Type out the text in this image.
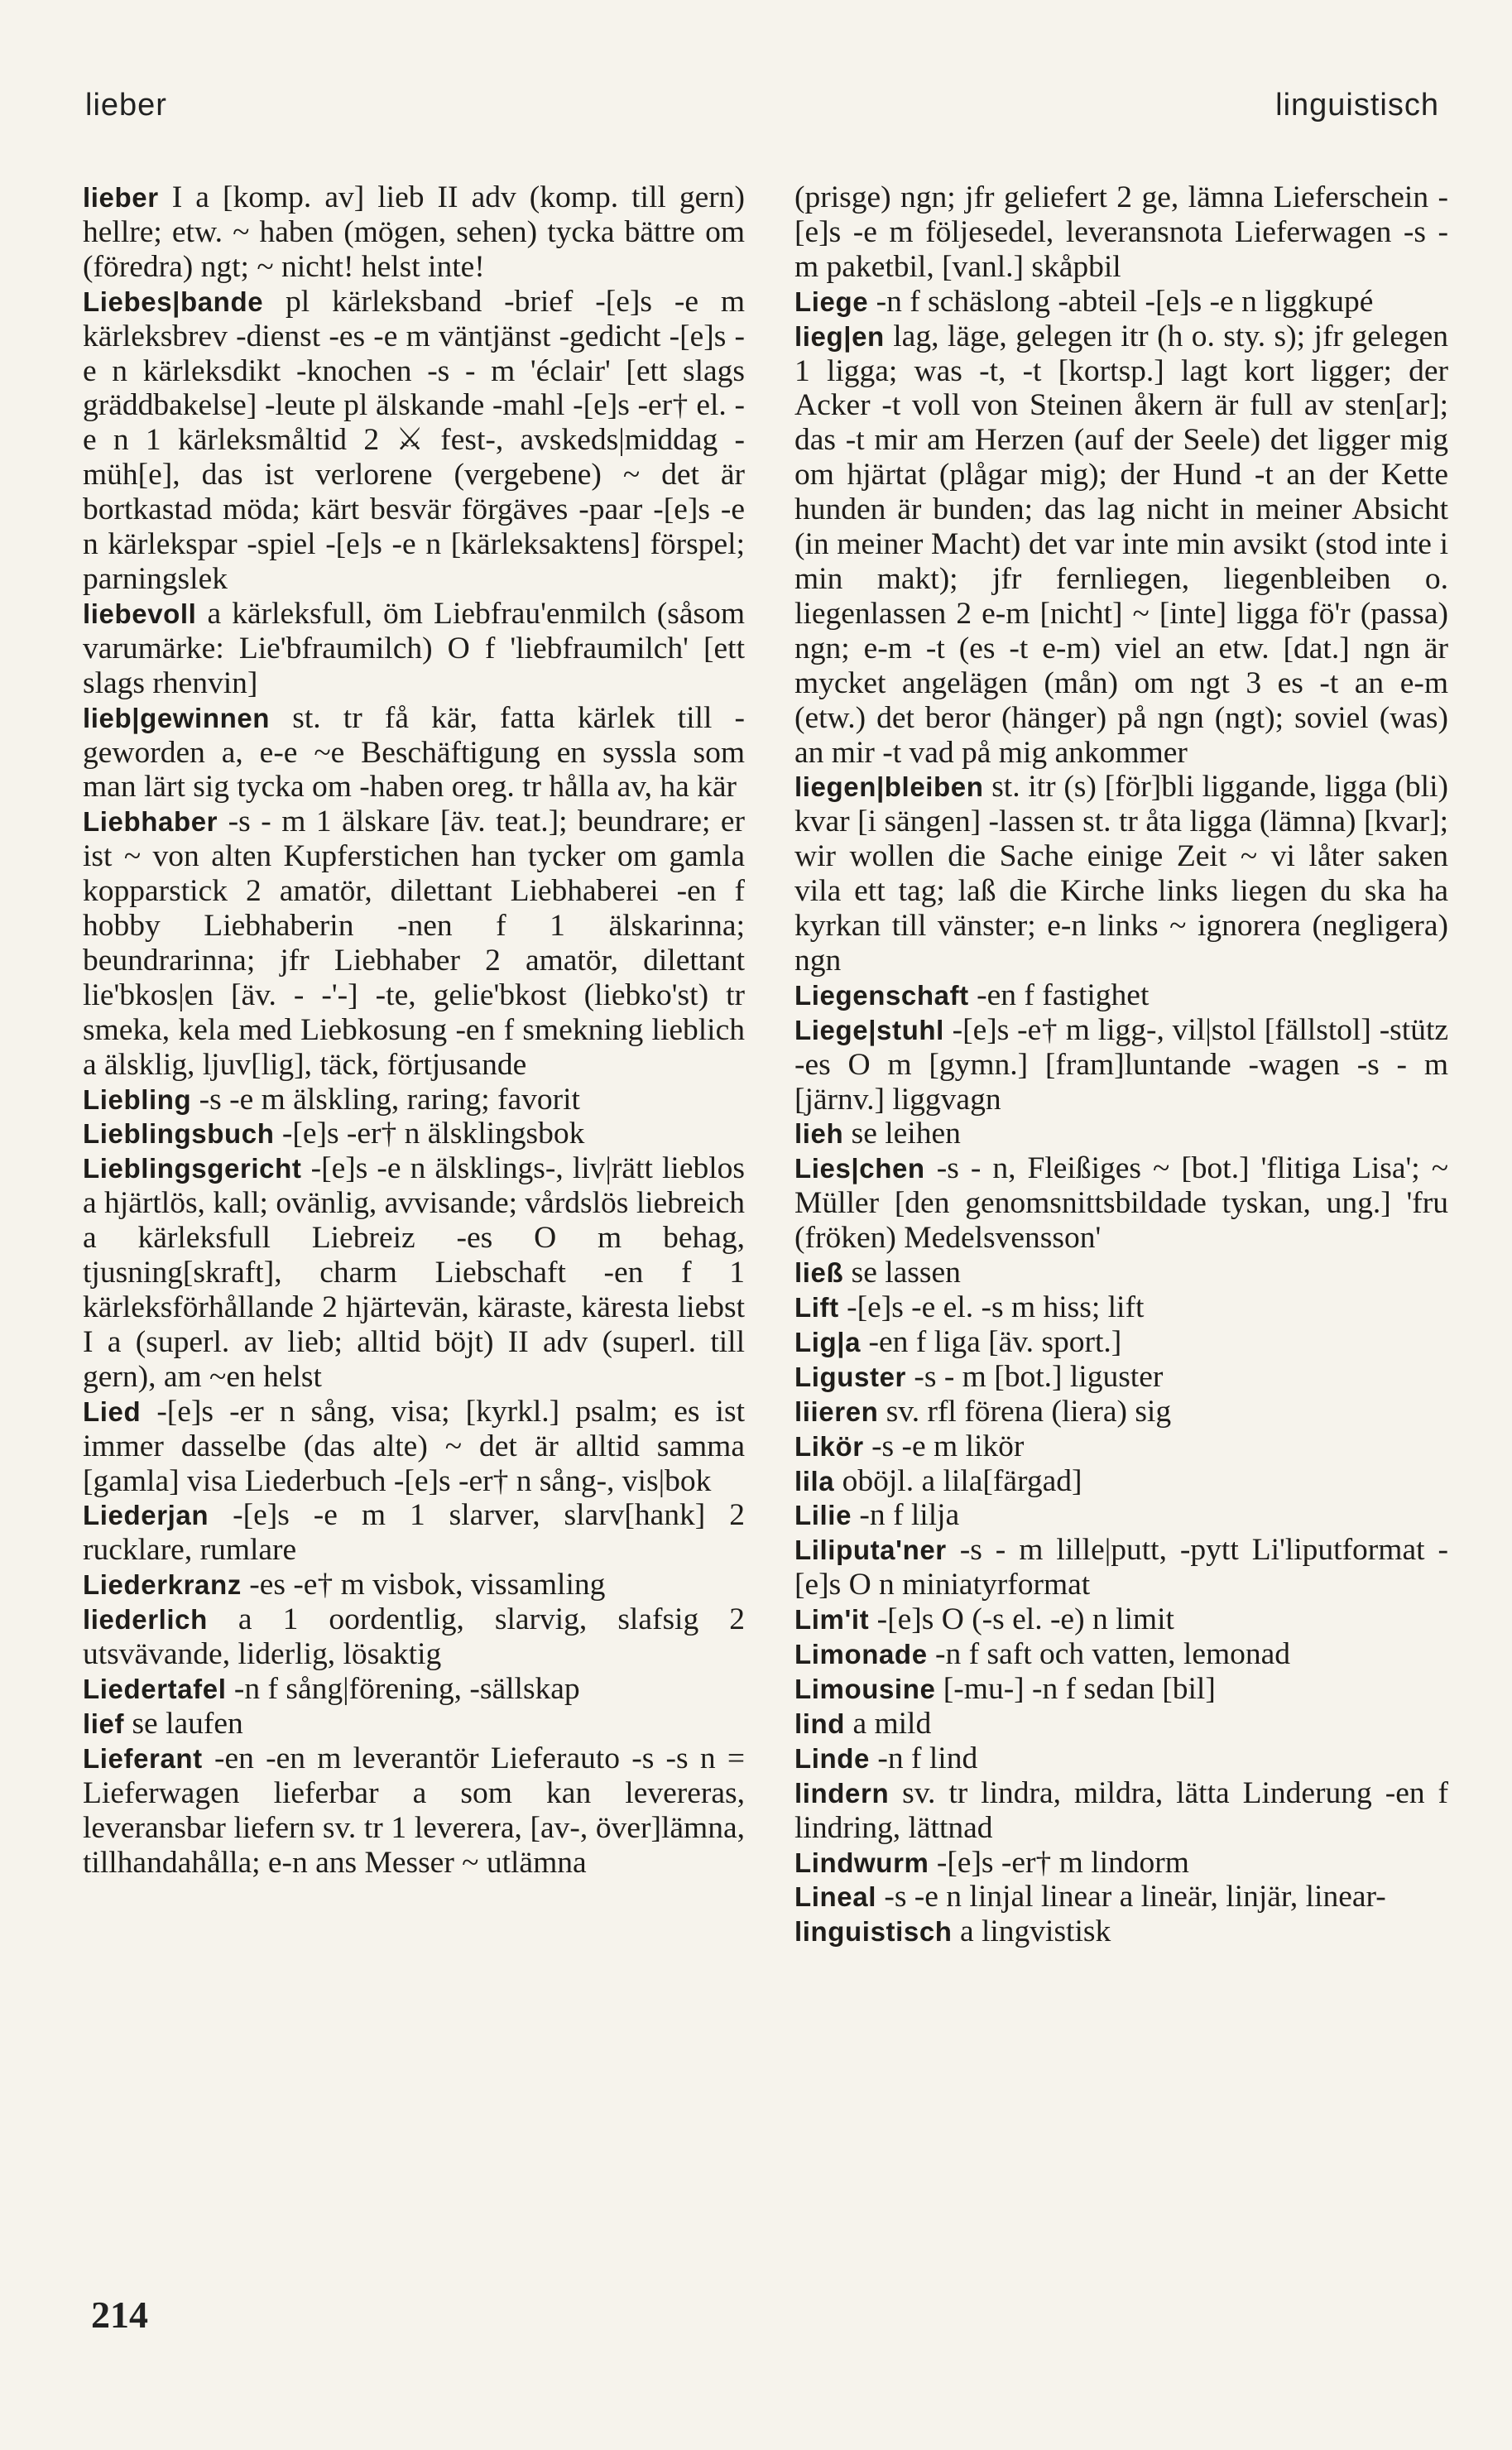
lieber	linguistisch
lieber I a [komp. av] lieb II adv (komp. till gern) hellre; etw. ~ haben (mögen, sehen) tycka bättre om (föredra) ngt; ~ nicht! helst inte!
Liebes|bande pl kärleksband -brief -[e]s -e m kärleksbrev -dienst -es -e m väntjänst -gedicht -[e]s -e n kärleksdikt -knochen -s - m 'éclair' [ett slags gräddbakelse] -leute pl älskande -mahl -[e]s -er† el. -e n 1 kärleksmåltid 2 ⚔ fest-, avskeds|middag -müh[e], das ist verlorene (vergebene) ~ det är bortkastad möda; kärt besvär förgäves -paar -[e]s -e n kärlekspar -spiel -[e]s -e n [kärleksaktens] förspel; parningslek
liebevoll a kärleksfull, öm Liebfrau'enmilch (såsom varumärke: Lie'bfraumilch) O f 'liebfraumilch' [ett slags rhenvin]
lieb|gewinnen st. tr få kär, fatta kärlek till -geworden a, e-e ~e Beschäftigung en syssla som man lärt sig tycka om -haben oreg. tr hålla av, ha kär
Liebhaber -s - m 1 älskare [äv. teat.]; beundrare; er ist ~ von alten Kupferstichen han tycker om gamla kopparstick 2 amatör, dilettant Liebhaberei -en f hobby Liebhaberin -nen f 1 älskarinna; beundrarinna; jfr Liebhaber 2 amatör, dilettant lie'bkos|en [äv. - -'-] -te, gelie'bkost (liebko'st) tr smeka, kela med Liebkosung -en f smekning lieblich a älsklig, ljuv[lig], täck, förtjusande
Liebling -s -e m älskling, raring; favorit
Lieblingsbuch -[e]s -er† n älsklingsbok
Lieblingsgericht -[e]s -e n älsklings-, liv|rätt lieblos a hjärtlös, kall; ovänlig, avvisande; vårdslös liebreich a kärleksfull Liebreiz -es O m behag, tjusning[skraft], charm Liebschaft -en f 1 kärleksförhållande 2 hjärtevän, käraste, käresta liebst I a (superl. av lieb; alltid böjt) II adv (superl. till gern), am ~en helst
Lied -[e]s -er n sång, visa; [kyrkl.] psalm; es ist immer dasselbe (das alte) ~ det är alltid samma [gamla] visa Liederbuch -[e]s -er† n sång-, vis|bok
Liederjan -[e]s -e m 1 slarver, slarv[hank] 2 rucklare, rumlare
Liederkranz -es -e† m visbok, vissamling
liederlich a 1 oordentlig, slarvig, slafsig 2 utsvävande, liderlig, lösaktig
Liedertafel -n f sång|förening, -sällskap
lief se laufen
Lieferant -en -en m leverantör Lieferauto -s -s n = Lieferwagen lieferbar a som kan levereras, leveransbar liefern sv. tr 1 leverera, [av-, över]lämna, tillhandahålla; e-n ans Messer ~ utlämna
(prisge) ngn; jfr geliefert 2 ge, lämna Lieferschein -[e]s -e m följesedel, leveransnota Lieferwagen -s - m paketbil, [vanl.] skåpbil
Liege -n f schäslong -abteil -[e]s -e n liggkupé
lieg|en lag, läge, gelegen itr (h o. sty. s); jfr gelegen 1 ligga; was -t, -t [kortsp.] lagt kort ligger; der Acker -t voll von Steinen åkern är full av sten[ar]; das -t mir am Herzen (auf der Seele) det ligger mig om hjärtat (plågar mig); der Hund -t an der Kette hunden är bunden; das lag nicht in meiner Absicht (in meiner Macht) det var inte min avsikt (stod inte i min makt); jfr fernliegen, liegenbleiben o. liegenlassen 2 e-m [nicht] ~ [inte] ligga fö'r (passa) ngn; e-m -t (es -t e-m) viel an etw. [dat.] ngn är mycket angelägen (mån) om ngt 3 es -t an e-m (etw.) det beror (hänger) på ngn (ngt); soviel (was) an mir -t vad på mig ankommer
liegen|bleiben st. itr (s) [för]bli liggande, ligga (bli) kvar [i sängen] -lassen st. tr åta ligga (lämna) [kvar]; wir wollen die Sache einige Zeit ~ vi låter saken vila ett tag; laß die Kirche links liegen du ska ha kyrkan till vänster; e-n links ~ ignorera (negligera) ngn
Liegenschaft -en f fastighet
Liege|stuhl -[e]s -e† m ligg-, vil|stol [fällstol] -stütz -es O m [gymn.] [fram]luntande -wagen -s - m [järnv.] liggvagn
lieh se leihen
Lies|chen -s - n, Fleißiges ~ [bot.] 'flitiga Lisa'; ~ Müller [den genomsnittsbildade tyskan, ung.] 'fru (fröken) Medelsvensson'
ließ se lassen
Lift -[e]s -e el. -s m hiss; lift
Lig|a -en f liga [äv. sport.]
Liguster -s - m [bot.] liguster
liieren sv. rfl förena (liera) sig
Likör -s -e m likör
lila oböjl. a lila[färgad]
Lilie -n f lilja
Liliputa'ner -s - m lille|putt, -pytt Li'liputformat -[e]s O n miniatyrformat
Lim'it -[e]s O (-s el. -e) n limit
Limonade -n f saft och vatten, lemonad
Limousine [-mu-] -n f sedan [bil]
lind a mild
Linde -n f lind
lindern sv. tr lindra, mildra, lätta Linderung -en f lindring, lättnad
Lindwurm -[e]s -er† m lindorm
Lineal -s -e n linjal linear a lineär, linjär, linear-
linguistisch a lingvistisk
214
